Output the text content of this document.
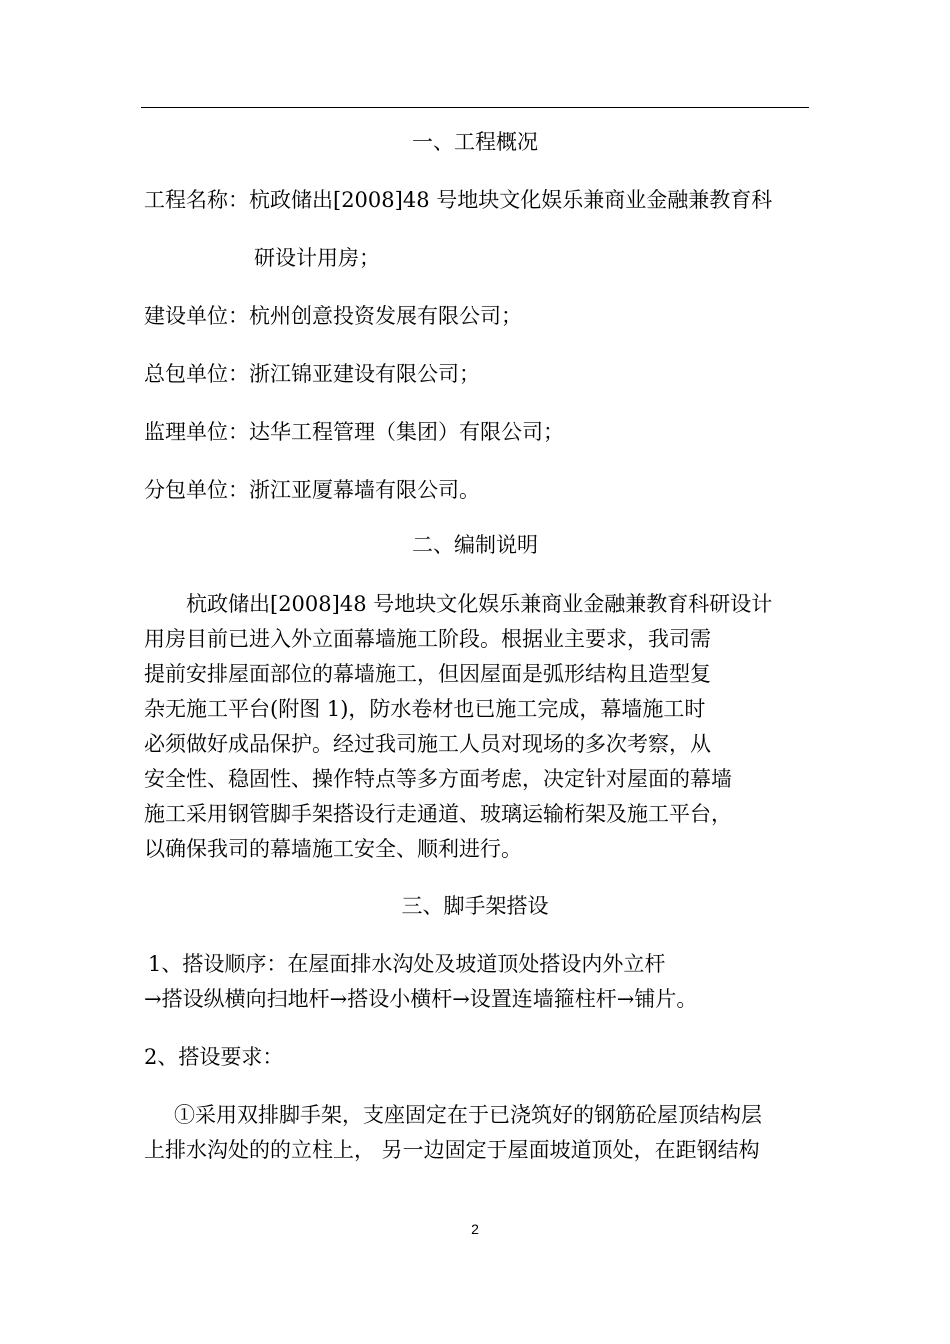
一、工程概况
工程名称：杭政储出[2008]48 号地块文化娱乐兼商业金融兼教育科
研设计用房；
建设单位：杭州创意投资发展有限公司；
总包单位：浙江锦亚建设有限公司；
监理单位：达华工程管理（集团）有限公司；
分包单位：浙江亚厦幕墙有限公司。
二、编制说明
杭政储出[2008]48 号地块文化娱乐兼商业金融兼教育科研设计
用房目前已进入外立面幕墙施工阶段。根据业主要求，我司需
提前安排屋面部位的幕墙施工，但因屋面是弧形结构且造型复
杂无施工平台(附图 1)，防水卷材也已施工完成，幕墙施工时
必须做好成品保护。经过我司施工人员对现场的多次考察，从
安全性、稳固性、操作特点等多方面考虑，决定针对屋面的幕墙
施工采用钢管脚手架搭设行走通道、玻璃运输桁架及施工平台，
以确保我司的幕墙施工安全、顺利进行。
三、脚手架搭设
1、搭设顺序：在屋面排水沟处及坡道顶处搭设内外立杆
→搭设纵横向扫地杆→搭设小横杆→设置连墙箍柱杆→铺片。
2、搭设要求：
①采用双排脚手架，支座固定在于已浇筑好的钢筋砼屋顶结构层
上排水沟处的的立柱上， 另一边固定于屋面坡道顶处，在距钢结构
2
